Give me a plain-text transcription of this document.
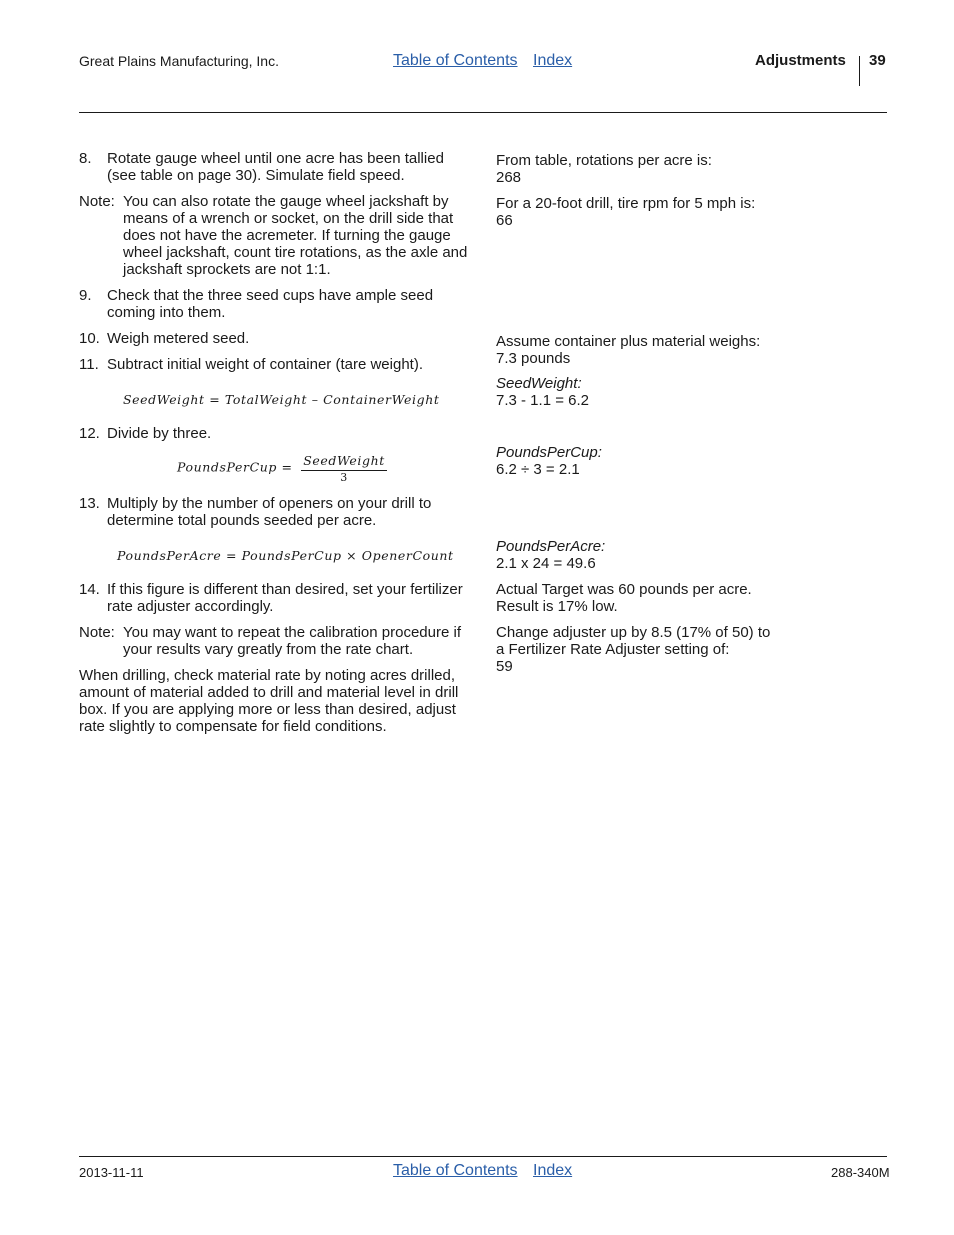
Great Plains Manufacturing, Inc.	Table of Contents Index	Adjustments 39
8. Rotate gauge wheel until one acre has been tallied (see table on page 30). Simulate field speed.
Note: You can also rotate the gauge wheel jackshaft by means of a wrench or socket, on the drill side that does not have the acremeter. If turning the gauge wheel jackshaft, count tire rotations, as the axle and jackshaft sprockets are not 1:1.
9. Check that the three seed cups have ample seed coming into them.
10. Weigh metered seed.
11. Subtract initial weight of container (tare weight).
SeedWeight = TotalWeight – ContainerWeight
12. Divide by three.
PoundsPerCup = $\frac{\text{SeedWeight}}{3}$
13. Multiply by the number of openers on your drill to determine total pounds seeded per acre.
PoundsPerAcre = PoundsPerCup × OpenerCount
14. If this figure is different than desired, set your fertilizer rate adjuster accordingly.
Note: You may want to repeat the calibration procedure if your results vary greatly from the rate chart.
When drilling, check material rate by noting acres drilled, amount of material added to drill and material level in drill box. If you are applying more or less than desired, adjust rate slightly to compensate for field conditions.
From table, rotations per acre is:
268
For a 20-foot drill, tire rpm for 5 mph is:
66
Assume container plus material weighs:
7.3 pounds
SeedWeight:
7.3 - 1.1 = 6.2
PoundsPerCup:
6.2 ÷ 3 = 2.1
PoundsPerAcre:
2.1 x 24 = 49.6
Actual Target was 60 pounds per acre.
Result is 17% low.
Change adjuster up by 8.5 (17% of 50) to a Fertilizer Rate Adjuster setting of:
59
2013-11-11	Table of Contents Index	288-340M
